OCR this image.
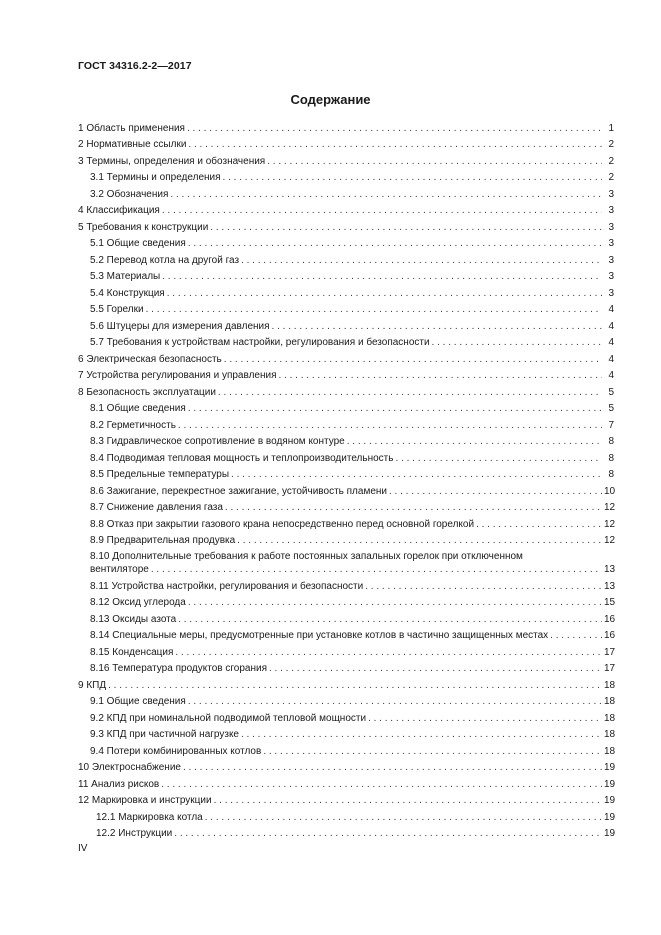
ГОСТ 34316.2-2—2017
Содержание
1 Область применения . . .	1
2 Нормативные ссылки . . .	2
3 Термины, определения и обозначения . . .	2
3.1 Термины и определения . . .	2
3.2 Обозначения . . .	3
4 Классификация . . .	3
5 Требования к конструкции . . .	3
5.1 Общие сведения . . .	3
5.2 Перевод котла на другой газ . . .	3
5.3 Материалы . . .	3
5.4 Конструкция . . .	3
5.5 Горелки . . .	4
5.6 Штуцеры для измерения давления . . .	4
5.7 Требования к устройствам настройки, регулирования и безопасности . . .	4
6 Электрическая безопасность . . .	4
7 Устройства регулирования и управления . . .	4
8 Безопасность эксплуатации . . .	5
8.1 Общие сведения . . .	5
8.2 Герметичность . . .	7
8.3 Гидравлическое сопротивление в водяном контуре . . .	8
8.4 Подводимая тепловая мощность и теплопроизводительность . . .	8
8.5 Предельные температуры . . .	8
8.6 Зажигание, перекрестное зажигание, устойчивость пламени . . .	10
8.7 Снижение давления газа . . .	12
8.8 Отказ при закрытии газового крана непосредственно перед основной горелкой . . .	12
8.9 Предварительная продувка . . .	12
8.10 Дополнительные требования к работе постоянных запальных горелок при отключенном
вентиляторе . . .	13
8.11 Устройства настройки, регулирования и безопасности . . .	13
8.12 Оксид углерода . . .	15
8.13 Оксиды азота . . .	16
8.14 Специальные меры, предусмотренные при установке котлов в частично защищенных местах . . .	16
8.15 Конденсация . . .	17
8.16 Температура продуктов сгорания . . .	17
9 КПД . . .	18
9.1 Общие сведения . . .	18
9.2 КПД при номинальной подводимой тепловой мощности . . .	18
9.3 КПД при частичной нагрузке . . .	18
9.4 Потери комбинированных котлов . . .	18
10 Электроснабжение . . .	19
11 Анализ рисков . . .	19
12 Маркировка и инструкции . . .	19
12.1 Маркировка котла . . .	19
12.2 Инструкции . . .	19
IV
